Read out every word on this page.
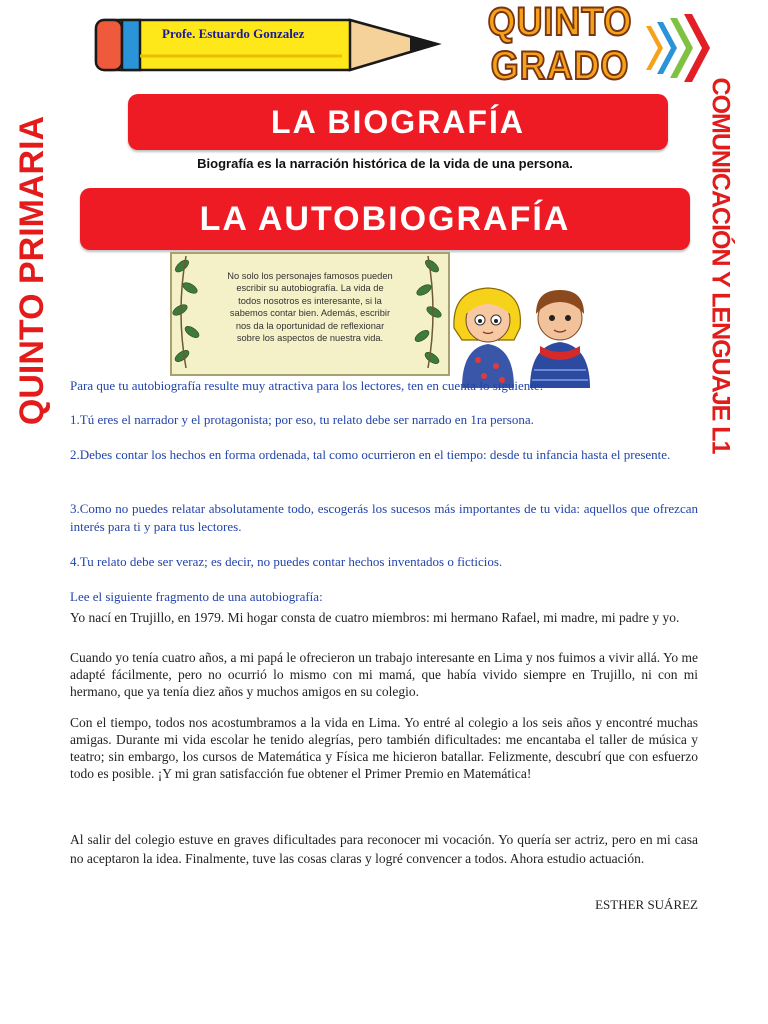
Profe. Estuardo Gonzalez	QUINTO
GRADO
QUINTO PRIMARIA	COMUNICACIÓN Y LENGUAJE L1
LA BIOGRAFÍA
Biografía es la narración histórica de la vida de una persona.
LA AUTOBIOGRAFÍA
No solo los personajes famosos pueden escribir su autobiografía. La vida de todos nosotros es interesante, si la sabemos contar bien. Además, escribir nos da la oportunidad de reflexionar sobre los aspectos de nuestra vida.
Para que tu autobiografía resulte muy atractiva para los lectores, ten en cuenta lo siguiente:
1.Tú eres el narrador y el protagonista; por eso, tu relato debe ser narrado en 1ra persona.
2.Debes contar los hechos en forma ordenada, tal como ocurrieron en el tiempo: desde tu infancia hasta el presente.
3.Como no puedes relatar absolutamente todo, escogerás los sucesos más importantes de tu vida: aquellos que ofrezcan interés para ti y para tus lectores.
4.Tu relato debe ser veraz; es decir, no puedes contar hechos inventados o ficticios.
Lee el siguiente fragmento de una autobiografía:
Yo nací en Trujillo, en 1979. Mi hogar consta de cuatro miembros: mi hermano Rafael, mi madre, mi padre y yo.
Cuando yo tenía cuatro años, a mi papá le ofrecieron un trabajo interesante en Lima y nos fuimos a vivir allá. Yo me adapté fácilmente, pero no ocurrió lo mismo con mi mamá, que había vivido siempre en Trujillo, ni con mi hermano, que ya tenía diez años y muchos amigos en su colegio.
Con el tiempo, todos nos acostumbramos a la vida en Lima. Yo entré al colegio a los seis años y encontré muchas amigas. Durante mi vida escolar he tenido alegrías, pero también dificultades: me encantaba el taller de música y teatro; sin embargo, los cursos de Matemática y Física me hicieron batallar. Felizmente, descubrí que con esfuerzo todo es posible. ¡Y mi gran satisfacción fue obtener el Primer Premio en Matemática!
Al salir del colegio estuve en graves dificultades para reconocer mi vocación. Yo quería ser actriz, pero en mi casa no aceptaron la idea. Finalmente, tuve las cosas claras y logré convencer a todos. Ahora estudio actuación.
ESTHER SUÁREZ
